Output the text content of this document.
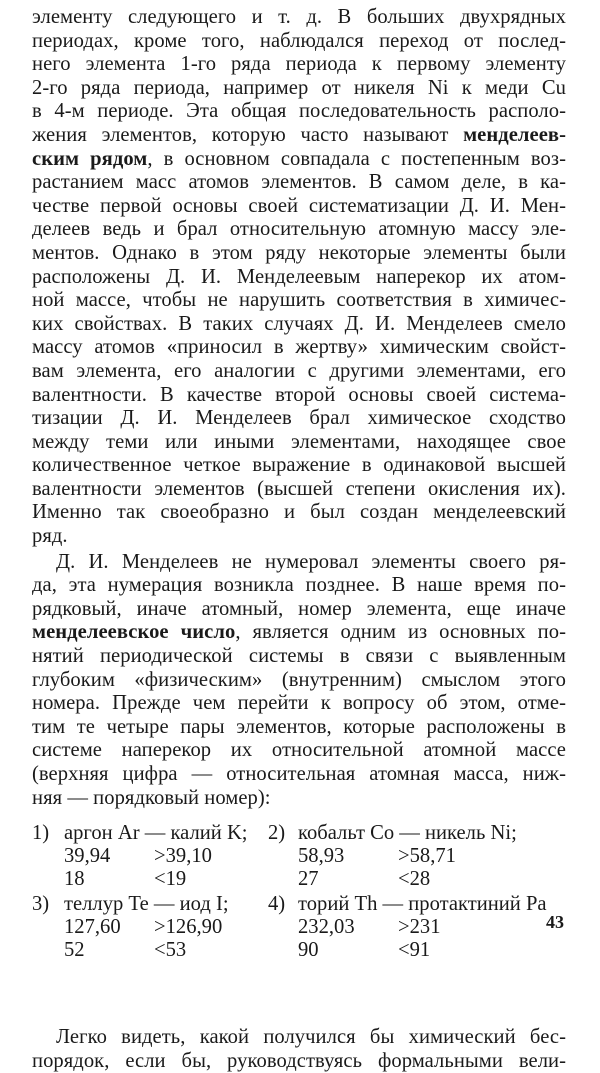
элементу следующего и т. д. В больших двухрядных
периодах, кроме того, наблюдался переход от послед-
него элемента 1-го ряда периода к первому элементу
2-го ряда периода, например от никеля Ni к меди Cu
в 4-м периоде. Эта общая последовательность располо-
жения элементов, которую часто называют менделеев-
ским рядом, в основном совпадала с постепенным воз-
растанием масс атомов элементов. В самом деле, в ка-
честве первой основы своей систематизации Д. И. Мен-
делеев ведь и брал относительную атомную массу эле-
ментов. Однако в этом ряду некоторые элементы были
расположены Д. И. Менделеевым наперекор их атом-
ной массе, чтобы не нарушить соответствия в химичес-
ких свойствах. В таких случаях Д. И. Менделеев смело
массу атомов «приносил в жертву» химическим свойст-
вам элемента, его аналогии с другими элементами, его
валентности. В качестве второй основы своей система-
тизации Д. И. Менделеев брал химическое сходство
между теми или иными элементами, находящее свое
количественное четкое выражение в одинаковой высшей
валентности элементов (высшей степени окисления их).
Именно так своеобразно и был создан менделеевский
ряд.
Д. И. Менделеев не нумеровал элементы своего ря-
да, эта нумерация возникла позднее. В наше время по-
рядковый, иначе атомный, номер элемента, еще иначе
менделеевское число, является одним из основных по-
нятий периодической системы в связи с выявленным
глубоким «физическим» (внутренним) смыслом этого
номера. Прежде чем перейти к вопросу об этом, отме-
тим те четыре пары элементов, которые расположены в
системе наперекор их относительной атомной массе
(верхняя цифра — относительная атомная масса, ниж-
няя — порядковый номер):
1) аргон Ar — калий K; 2) кобальт Co — никель Ni;
39,94 >39,10	58,93	>58,71
18	<19	27	<28
3) теллур Te — иод I; 4) торий Th — протактиний Pa
127,60 >126,90	232,03 >231
52	<53	90	<91
Легко видеть, какой получился бы химический бес-
порядок, если бы, руководствуясь формальными вели-
43
